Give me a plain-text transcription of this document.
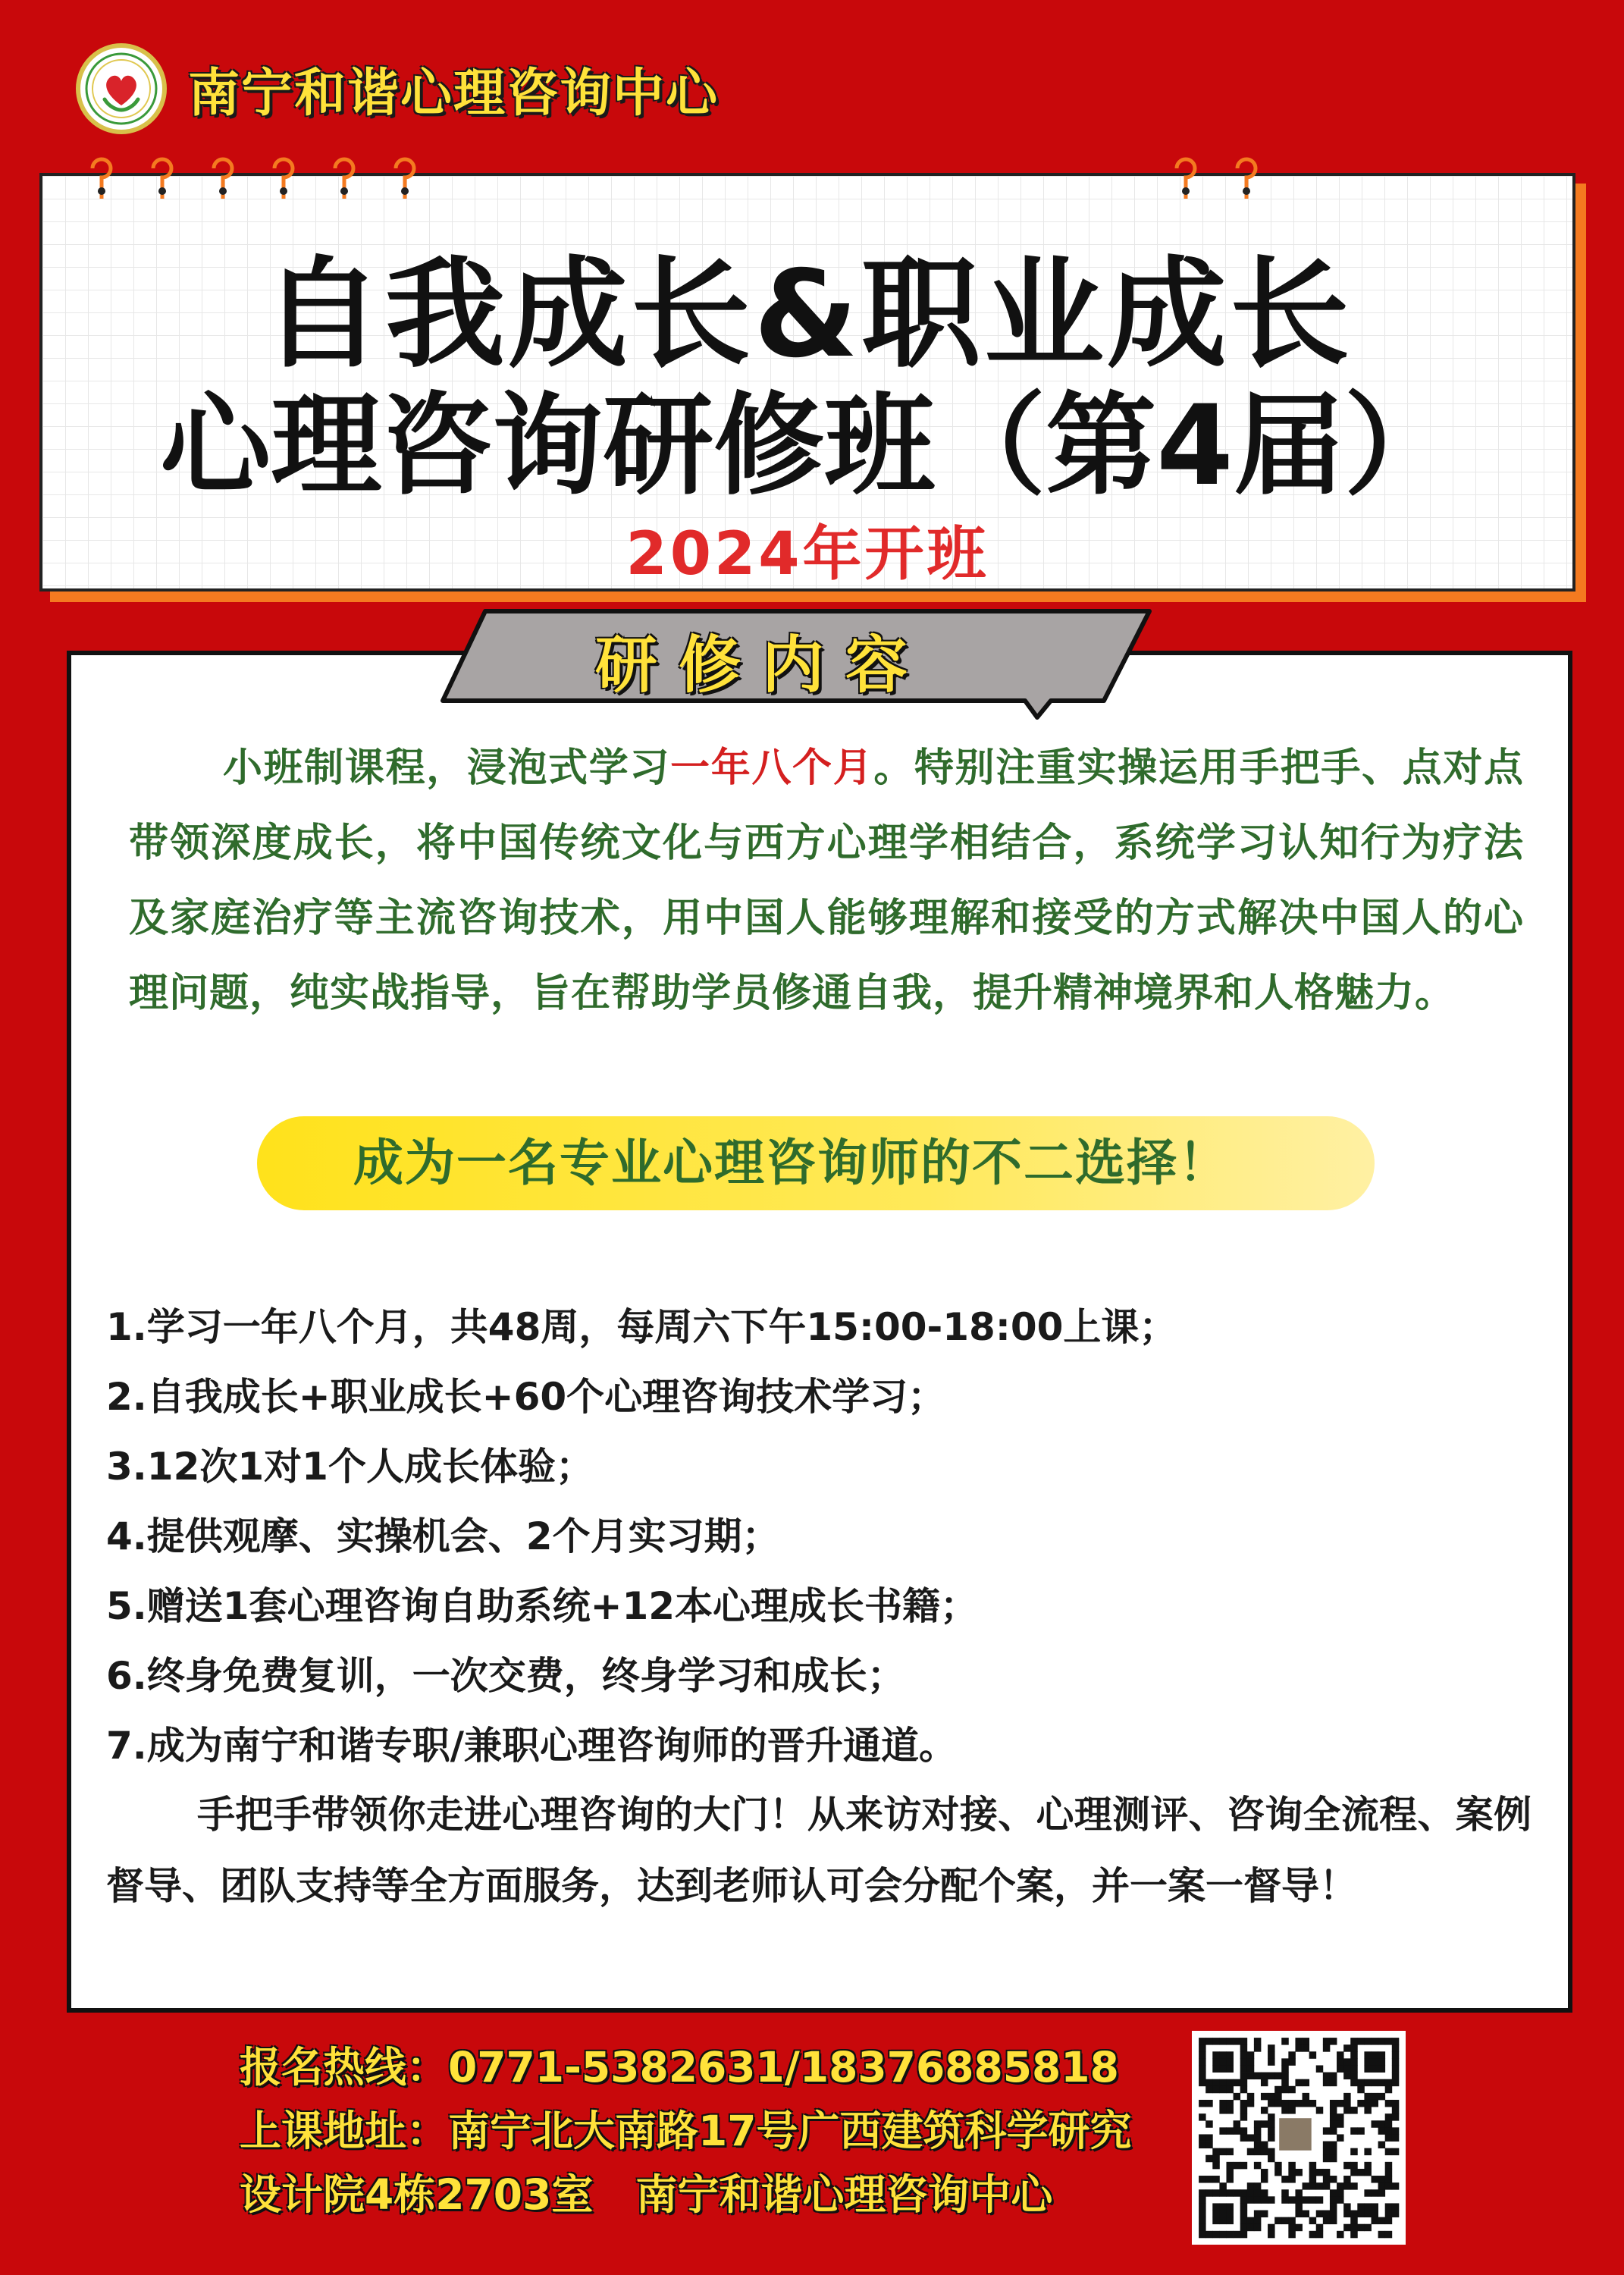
南宁和谐心理咨询中心
自我成长&职业成长
心理咨询研修班（第4届）
2024年开班
小班制课程，浸泡式学习一年八个月。特别注重实操运用手把手、点对点带领深度成长，将中国传统文化与西方心理学相结合，系统学习认知行为疗法及家庭治疗等主流咨询技术，用中国人能够理解和接受的方式解决中国人的心理问题，纯实战指导，旨在帮助学员修通自我，提升精神境界和人格魅力。
成为一名专业心理咨询师的不二选择！
1.学习一年八个月，共48周，每周六下午15:00-18:00上课；
2.自我成长+职业成长+60个心理咨询技术学习；
3.12次1对1个人成长体验；
4.提供观摩、实操机会、2个月实习期；
5.赠送1套心理咨询自助系统+12本心理成长书籍；
6.终身免费复训，一次交费，终身学习和成长；
7.成为南宁和谐专职/兼职心理咨询师的晋升通道。
手把手带领你走进心理咨询的大门！从来访对接、心理测评、咨询全流程、案例督导、团队支持等全方面服务，达到老师认可会分配个案，并一案一督导！
研修内容
报名热线：0771-5382631/18376885818
上课地址：南宁北大南路17号广西建筑科学研究
设计院4栋2703室 南宁和谐心理咨询中心
